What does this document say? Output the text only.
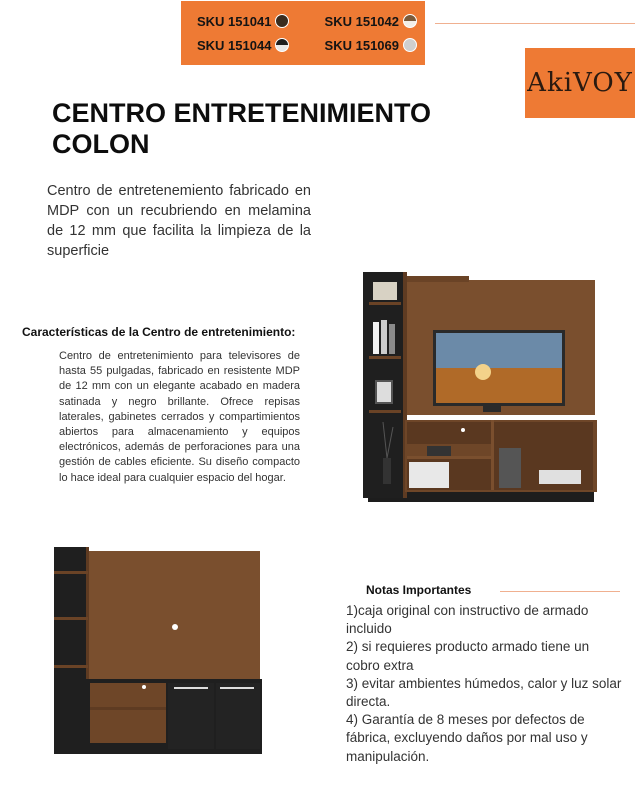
SKU 151041	SKU 151042
SKU 151044	SKU 151069
AkiVOY
CENTRO ENTRETENIMIENTO COLON

Centro de entretenemiento fabricado en MDP con un recubriendo en melamina de 12 mm que facilita la limpieza de la superficie

Características de la Centro de entretenimiento:

Centro de entretenimiento para televisores de hasta 55 pulgadas, fabricado en resistente MDP de 12 mm con un elegante acabado en madera satinada y negro brillante. Ofrece repisas laterales, gabinetes cerrados y compartimientos abiertos para almacenamiento y equipos electrónicos, además de perforaciones para una gestión de cables eficiente. Su diseño compacto lo hace ideal para cualquier espacio del hogar.

Notas Importantes

1)caja original con instructivo de armado incluido
2) si requieres producto armado tiene un cobro extra
3) evitar ambientes húmedos, calor y luz solar directa.
4) Garantía de 8 meses por defectos de fábrica, excluyendo daños por mal uso y manipulación.
